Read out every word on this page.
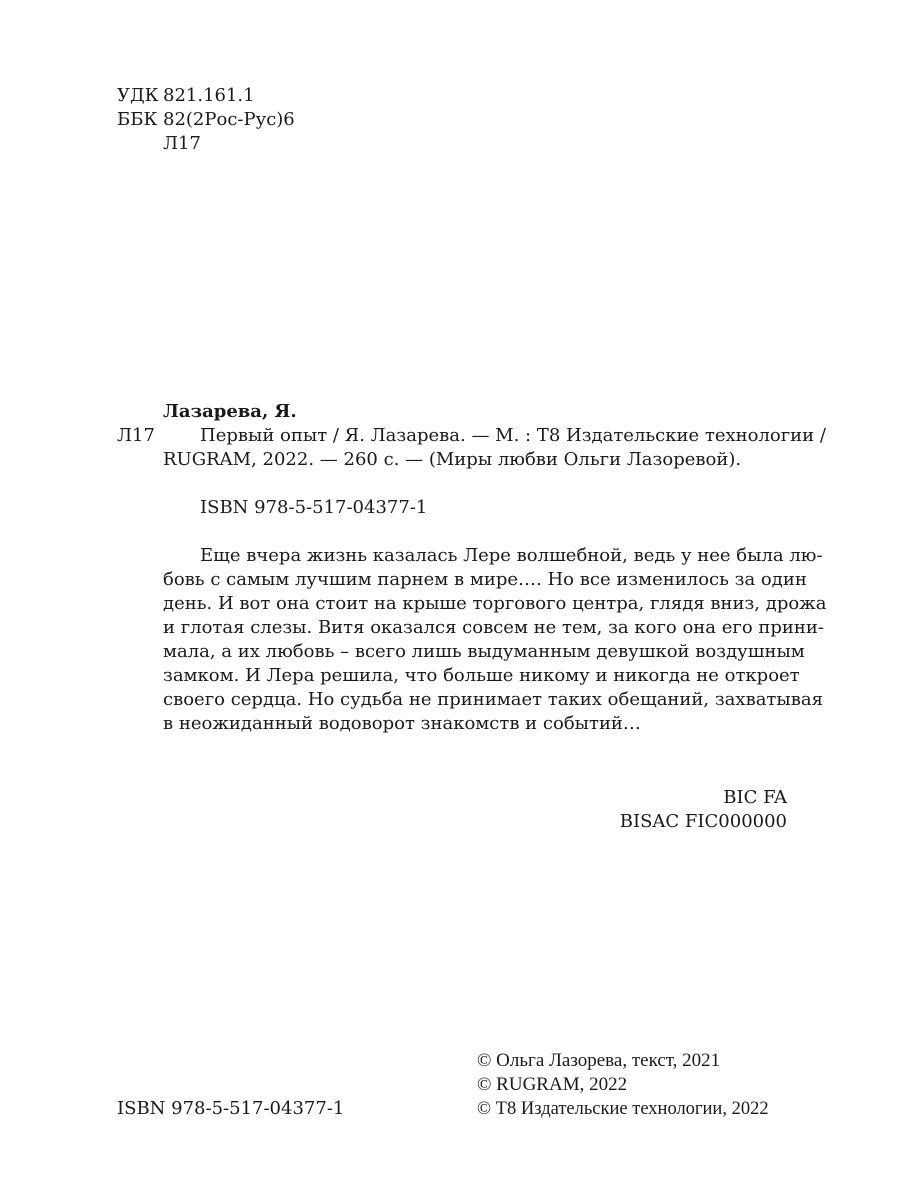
УДК 821.161.1
ББК 82(2Рос-Рус)6
Л17
Лазарева, Я.
Л17	Первый опыт / Я. Лазарева. — М. : Т8 Издательские технологии /
RUGRAM, 2022. — 260 с. — (Миры любви Ольги Лазоревой).
ISBN 978-5-517-04377-1
Еще вчера жизнь казалась Лере волшебной, ведь у нее была лю-
бовь с самым лучшим парнем в мире…. Но все изменилось за один
день. И вот она стоит на крыше торгового центра, глядя вниз, дрожа
и глотая слезы. Витя оказался совсем не тем, за кого она его прини-
мала, а их любовь – всего лишь выдуманным девушкой воздушным
замком. И Лера решила, что больше никому и никогда не откроет
своего сердца. Но судьба не принимает таких обещаний, захватывая
в неожиданный водоворот знакомств и событий…
BIC FA
BISAC FIC000000
ISBN 978-5-517-04377-1
© Ольга Лазорева, текст, 2021
© RUGRAM, 2022
© Т8 Издательские технологии, 2022
